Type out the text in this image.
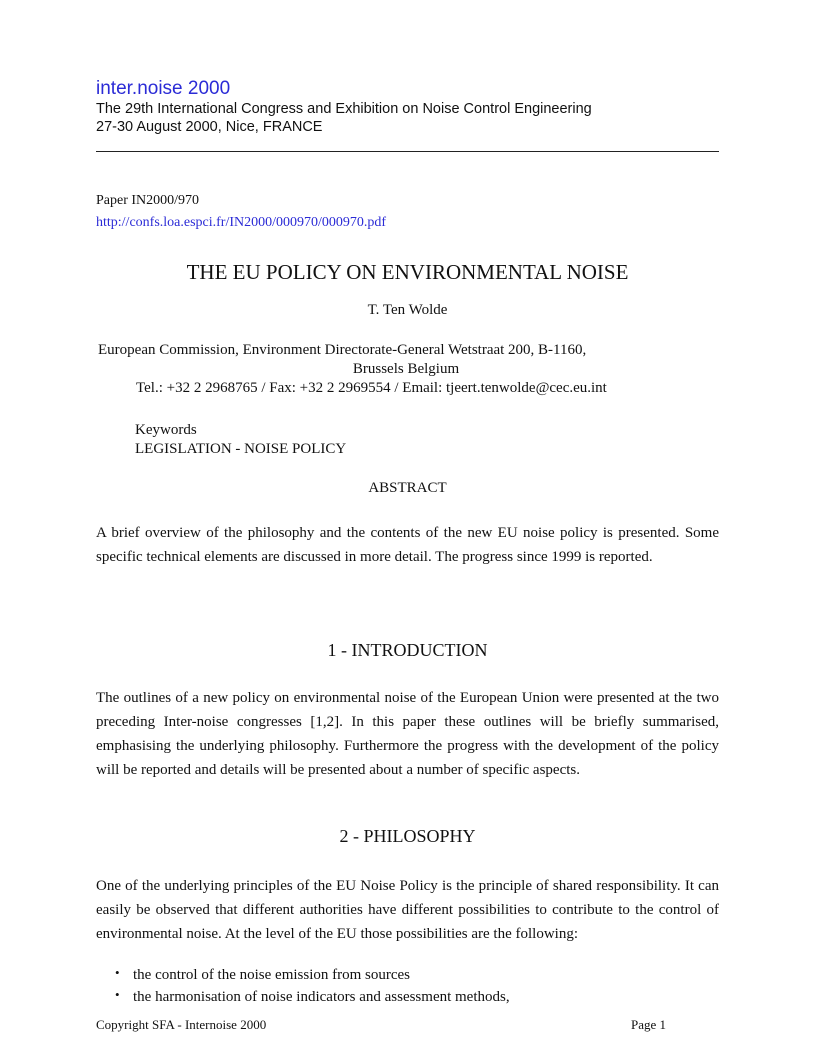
inter.noise 2000
The 29th International Congress and Exhibition on Noise Control Engineering
27-30 August 2000, Nice, FRANCE
Paper IN2000/970
http://confs.loa.espci.fr/IN2000/000970/000970.pdf
THE EU POLICY ON ENVIRONMENTAL NOISE
T. Ten Wolde
European Commission, Environment Directorate-General Wetstraat 200, B-1160,
Brussels Belgium
Tel.: +32 2 2968765 / Fax: +32 2 2969554 / Email: tjeert.tenwolde@cec.eu.int
Keywords
LEGISLATION - NOISE POLICY
ABSTRACT
A brief overview of the philosophy and the contents of the new EU noise policy is presented. Some specific technical elements are discussed in more detail. The progress since 1999 is reported.
1 - INTRODUCTION
The outlines of a new policy on environmental noise of the European Union were presented at the two preceding Inter-noise congresses [1,2]. In this paper these outlines will be briefly summarised, emphasising the underlying philosophy. Furthermore the progress with the development of the policy will be reported and details will be presented about a number of specific aspects.
2 - PHILOSOPHY
One of the underlying principles of the EU Noise Policy is the principle of shared responsibility. It can easily be observed that different authorities have different possibilities to contribute to the control of environmental noise. At the level of the EU those possibilities are the following:
• the control of the noise emission from sources
• the harmonisation of noise indicators and assessment methods,
Copyright SFA - Internoise 2000	Page 1
